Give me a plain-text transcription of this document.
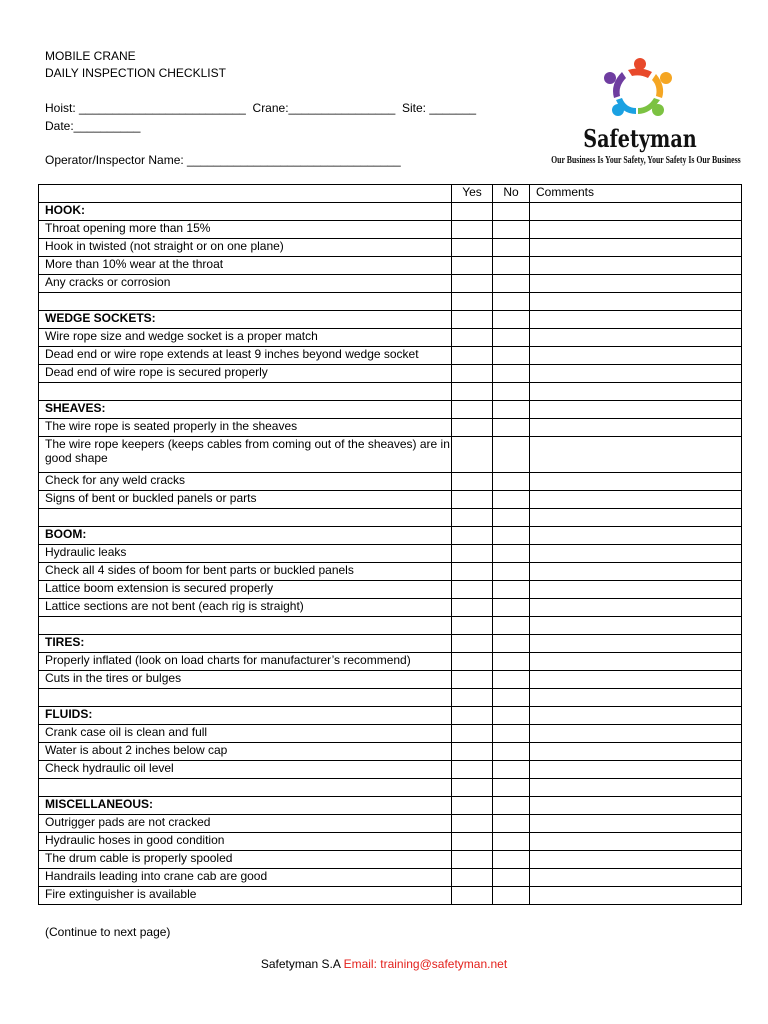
MOBILE CRANE
DAILY INSPECTION CHECKLIST
Hoist: _________________________  Crane:________________  Site: _______
Date:__________
Operator/Inspector Name: ________________________________
Safetyman
Our Business Is Your Safety, Your Safety Is Our Business
	Yes	No	Comments
HOOK:			
Throat opening more than 15%			
Hook in twisted (not straight or on one plane)			
More than 10% wear at the throat			
Any cracks or corrosion			

WEDGE SOCKETS:			
Wire rope size and wedge socket is a proper match			
Dead end or wire rope extends at least 9 inches beyond wedge socket			
Dead end of wire rope is secured properly			

SHEAVES:			
The wire rope is seated properly in the sheaves			
The wire rope keepers (keeps cables from coming out of the sheaves) are in good shape			
Check for any weld cracks			
Signs of bent or buckled panels or parts			

BOOM:			
Hydraulic leaks			
Check all 4 sides of boom for bent parts or buckled panels			
Lattice boom extension is secured properly			
Lattice sections are not bent (each rig is straight)			

TIRES:			
Properly inflated (look on load charts for manufacturer’s recommend)			
Cuts in the tires or bulges			

FLUIDS:			
Crank case oil is clean and full			
Water is about 2 inches below cap			
Check hydraulic oil level			

MISCELLANEOUS:			
Outrigger pads are not cracked			
Hydraulic hoses in good condition			
The drum cable is properly spooled			
Handrails leading into crane cab are good			
Fire extinguisher is available			
(Continue to next page)
Safetyman S.A Email: training@safetyman.net
